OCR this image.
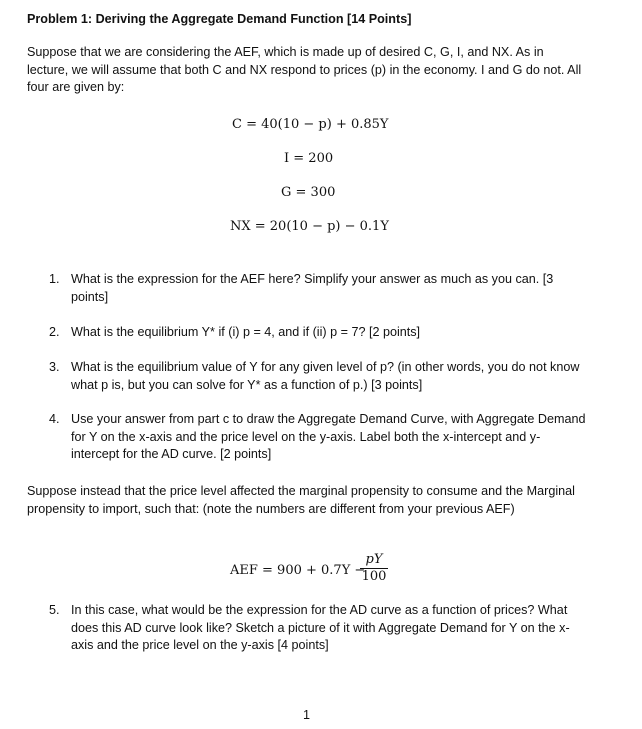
Problem 1: Deriving the Aggregate Demand Function [14 Points]
Suppose that we are considering the AEF, which is made up of desired C, G, I, and NX. As in lecture, we will assume that both C and NX respond to prices (p) in the economy. I and G do not. All four are given by:
C = 40(10 − p) + 0.85Y
I = 200
G = 300
NX = 20(10 − p) − 0.1Y
1. What is the expression for the AEF here? Simplify your answer as much as you can. [3 points]
2. What is the equilibrium Y* if (i) p = 4, and if (ii) p = 7? [2 points]
3. What is the equilibrium value of Y for any given level of p? (in other words, you do not know what p is, but you can solve for Y* as a function of p.) [3 points]
4. Use your answer from part c to draw the Aggregate Demand Curve, with Aggregate Demand for Y on the x-axis and the price level on the y-axis. Label both the x-intercept and y-intercept for the AD curve. [2 points]
Suppose instead that the price level affected the marginal propensity to consume and the Marginal propensity to import, such that: (note the numbers are different from your previous AEF)
AEF = 900 + 0.7Y −
$\frac{pY}{100}$
5. In this case, what would be the expression for the AD curve as a function of prices? What does this AD curve look like? Sketch a picture of it with Aggregate Demand for Y on the x-axis and the price level on the y-axis [4 points]
1
